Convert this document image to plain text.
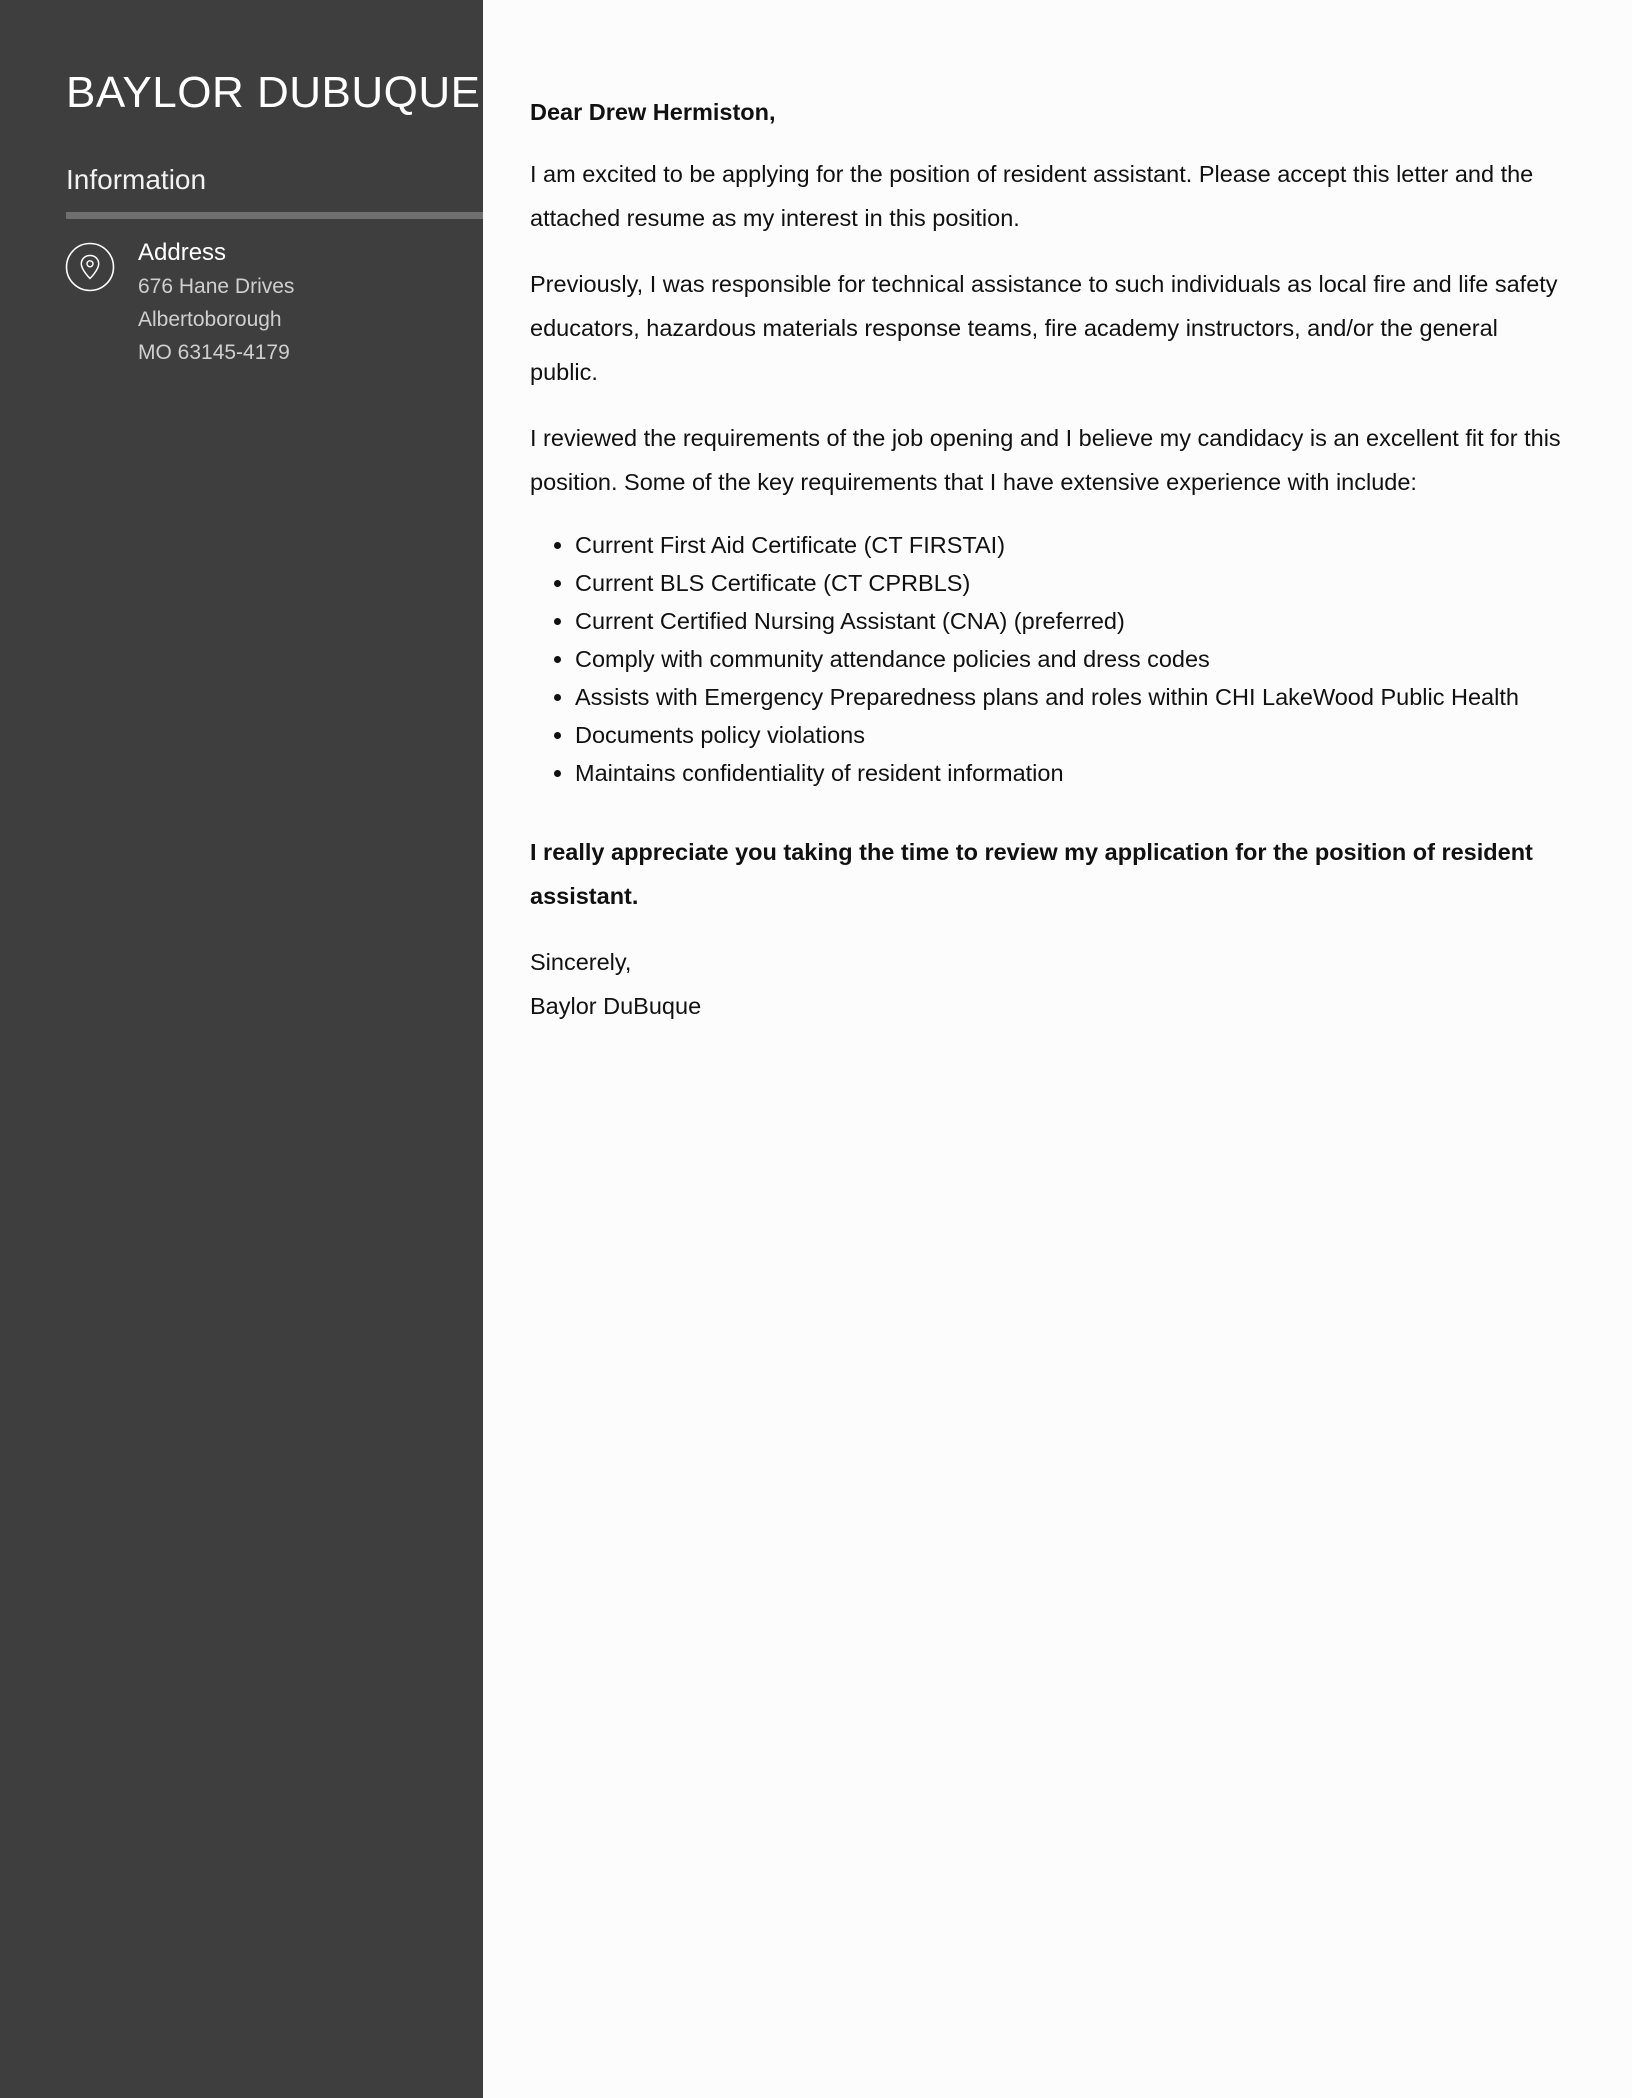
BAYLOR DUBUQUE
Information
Address
676 Hane Drives
Albertoborough
MO 63145-4179

Dear Drew Hermiston,

I am excited to be applying for the position of resident assistant. Please accept this letter and the attached resume as my interest in this position.

Previously, I was responsible for technical assistance to such individuals as local fire and life safety educators, hazardous materials response teams, fire academy instructors, and/or the general public.

I reviewed the requirements of the job opening and I believe my candidacy is an excellent fit for this position. Some of the key requirements that I have extensive experience with include:

• Current First Aid Certificate (CT FIRSTAI)
• Current BLS Certificate (CT CPRBLS)
• Current Certified Nursing Assistant (CNA) (preferred)
• Comply with community attendance policies and dress codes
• Assists with Emergency Preparedness plans and roles within CHI LakeWood Public Health
• Documents policy violations
• Maintains confidentiality of resident information

I really appreciate you taking the time to review my application for the position of resident assistant.

Sincerely,
Baylor DuBuque
